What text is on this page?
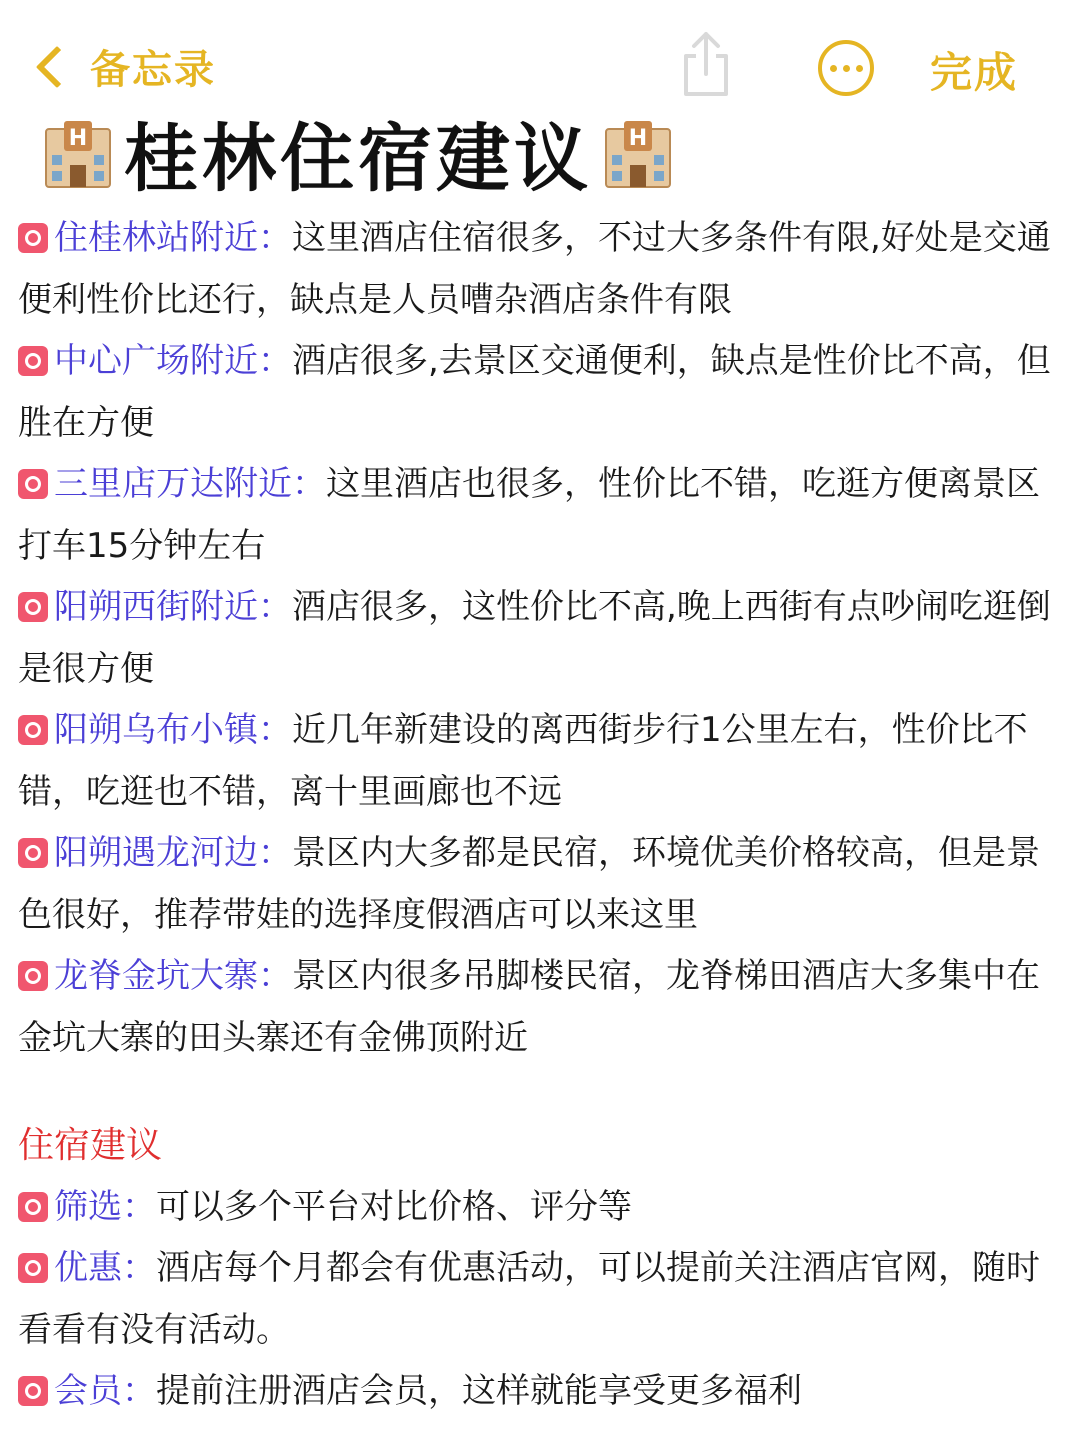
备忘录	完成
H 桂林住宿建议 H

住桂林站附近：这里酒店住宿很多，不过大多条件有限,好处是交通便利性价比还行，缺点是人员嘈杂酒店条件有限

中心广场附近：酒店很多,去景区交通便利，缺点是性价比不高，但胜在方便

三里店万达附近：这里酒店也很多，性价比不错，吃逛方便离景区打车15分钟左右

阳朔西街附近：酒店很多，这性价比不高,晚上西街有点吵闹吃逛倒是很方便

阳朔乌布小镇：近几年新建设的离西街步行1公里左右，性价比不错，吃逛也不错，离十里画廊也不远

阳朔遇龙河边：景区内大多都是民宿，环境优美价格较高，但是景色很好，推荐带娃的选择度假酒店可以来这里

龙脊金坑大寨：景区内很多吊脚楼民宿，龙脊梯田酒店大多集中在金坑大寨的田头寨还有金佛顶附近

住宿建议

筛选：可以多个平台对比价格、评分等

优惠：酒店每个月都会有优惠活动，可以提前关注酒店官网，随时看看有没有活动。

会员：提前注册酒店会员，这样就能享受更多福利
